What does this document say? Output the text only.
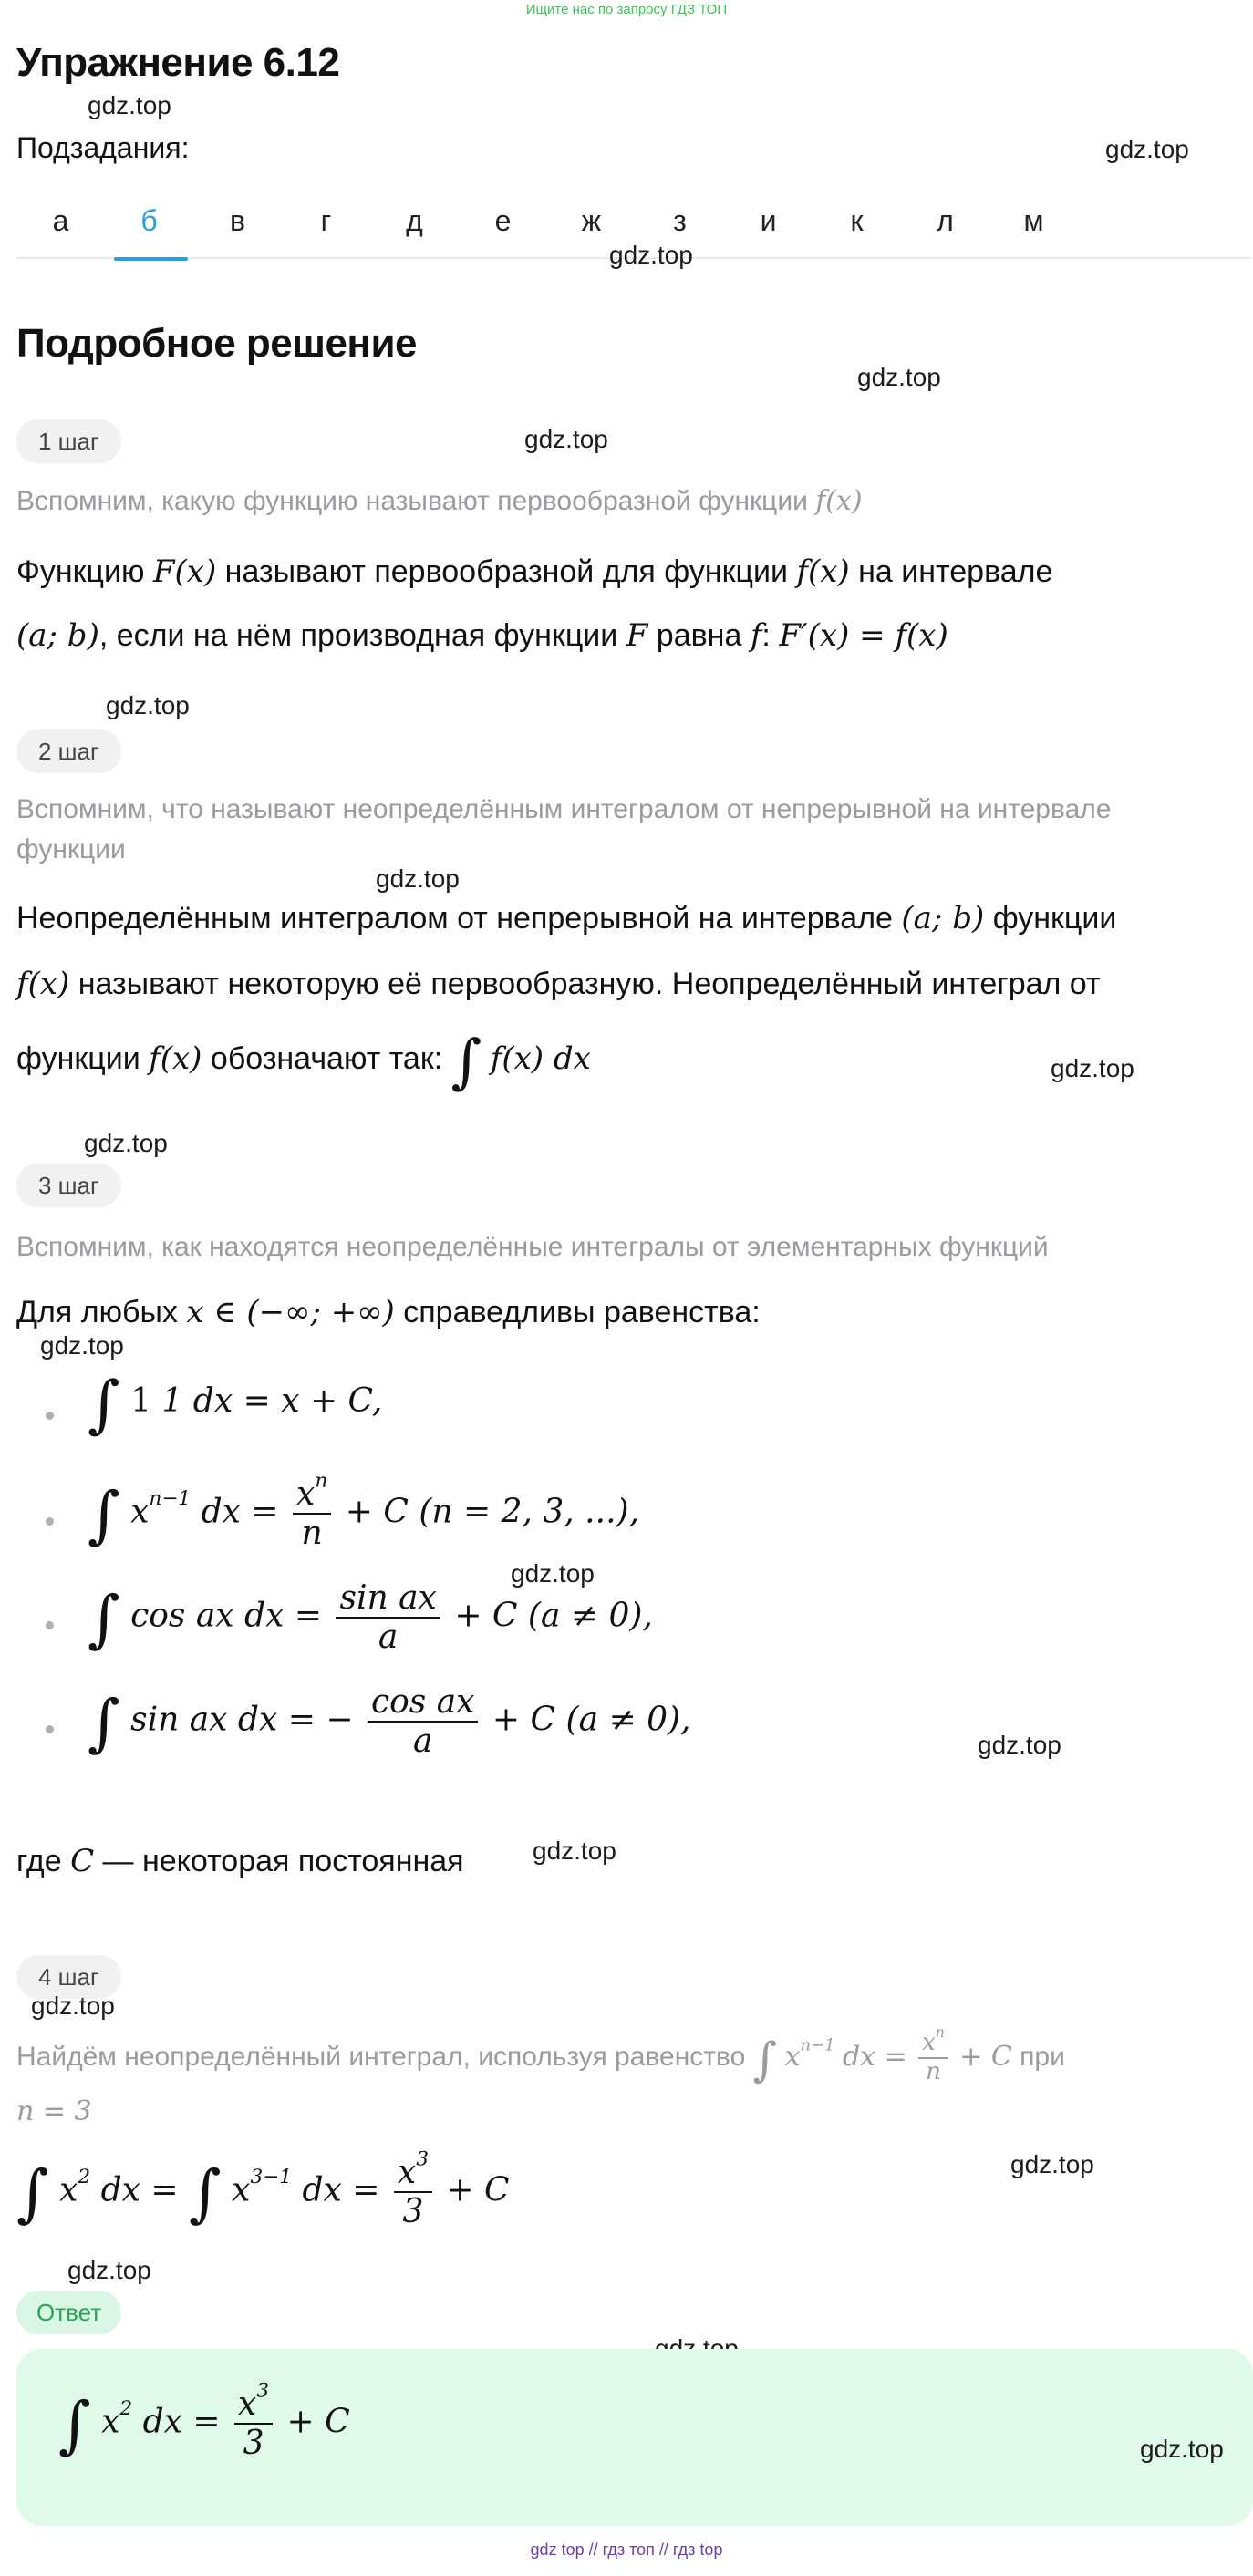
Ищите нас по запросу ГДЗ ТОП
Упражнение 6.12
gdz.top
Подзадания:	gdz.top
а	б	в	г	д	е	ж	з	и	к	л	м
gdz.top
Подробное решение
gdz.top
1 шаг	gdz.top
Вспомним, какую функцию называют первообразной функции f(x)
Функцию F(x) называют первообразной для функции f(x) на интервале
(a; b), если на нём производная функции F равна f: F′(x) = f(x)
gdz.top
2 шаг
Вспомним, что называют неопределённым интегралом от непрерывной на интервале
функции
gdz.top
Неопределённым интегралом от непрерывной на интервале (a; b) функции
f(x) называют некоторую её первообразную. Неопределённый интеграл от
функции f(x) обозначают так: ∫ f(x) dx	gdz.top
gdz.top
3 шаг
Вспомним, как находятся неопределённые интегралы от элементарных функций
Для любых x ∈ (−∞; +∞) справедливы равенства:
gdz.top
∫ 1 1 dx = x + C,
∫ $x^{n-1}$ dx = $\frac{x^n}{n} + C$ (n = 2, 3, ...),
∫ cos ax dx = $\frac{\text{sin ax}}{a} + C$ (a ≠ 0),
∫ sin ax dx = − $\frac{\text{cos ax}}{a} + C$ (a ≠ 0),
gdz.top
gdz.top
где C — некоторая постоянная	gdz.top
4 шаг
gdz.top
Найдём неопределённый интеграл, используя равенство ∫ $x^{n-1}$ dx = $\frac{x^n}{n} + C$ при
n = 3
∫ $x^2$ dx = ∫ $x^{3-1}$ dx = $\frac{x^3}{3} + C$
gdz.top
gdz.top
Ответ
∫ $x^2$ dx = $\frac{x^3}{3} + C$
gdz.top
gdz top // гдз топ // гдз top
